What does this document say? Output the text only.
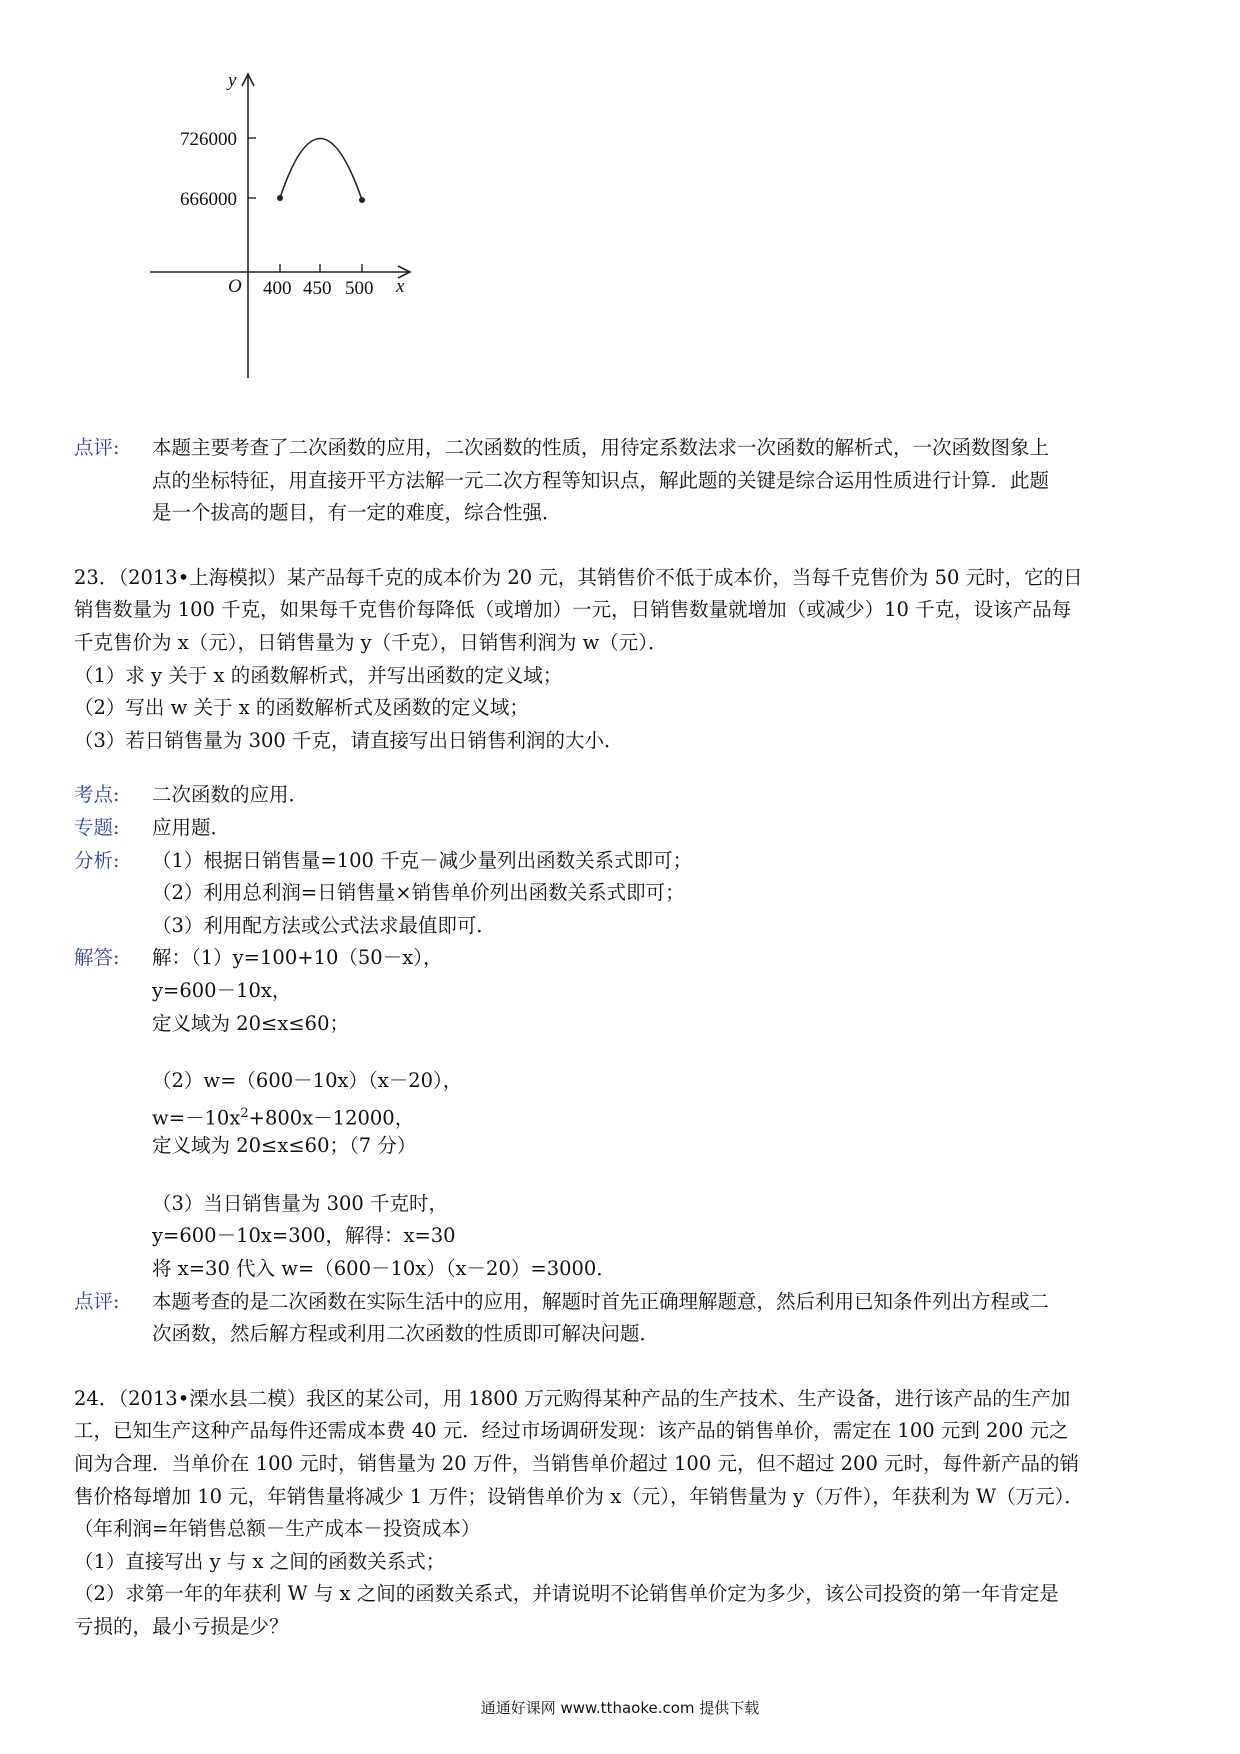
y
x
O
726000
666000
400 450 500
点评:	本题主要考查了二次函数的应用，二次函数的性质，用待定系数法求一次函数的解析式，一次函数图象上
点的坐标特征，用直接开平方法解一元二次方程等知识点，解此题的关键是综合运用性质进行计算．此题
是一个拔高的题目，有一定的难度，综合性强．
23．（2013•上海模拟）某产品每千克的成本价为 20 元，其销售价不低于成本价，当每千克售价为 50 元时，它的日
销售数量为 100 千克，如果每千克售价每降低（或增加）一元，日销售数量就增加（或减少）10 千克，设该产品每
千克售价为 x（元），日销售量为 y（千克），日销售利润为 w（元）．
（1）求 y 关于 x 的函数解析式，并写出函数的定义域；
（2）写出 w 关于 x 的函数解析式及函数的定义域；
（3）若日销售量为 300 千克，请直接写出日销售利润的大小．
考点:	二次函数的应用．
专题:	应用题．
分析:	（1）根据日销售量=100 千克－减少量列出函数关系式即可；
（2）利用总利润=日销售量×销售单价列出函数关系式即可；
（3）利用配方法或公式法求最值即可．
解答:	解：（1）y=100+10（50－x），
y=600－10x，
定义域为 20≤x≤60；
（2）w=（600－10x）（x－20），
$w=-10x^2+800x-12000$，
定义域为 20≤x≤60；（7 分）
（3）当日销售量为 300 千克时，
y=600－10x=300，解得：x=30
将 x=30 代入 w=（600－10x）（x－20）=3000．
点评:	本题考查的是二次函数在实际生活中的应用，解题时首先正确理解题意，然后利用已知条件列出方程或二
次函数，然后解方程或利用二次函数的性质即可解决问题．
24．（2013•溧水县二模）我区的某公司，用 1800 万元购得某种产品的生产技术、生产设备，进行该产品的生产加
工，已知生产这种产品每件还需成本费 40 元．经过市场调研发现：该产品的销售单价，需定在 100 元到 200 元之
间为合理．当单价在 100 元时，销售量为 20 万件，当销售单价超过 100 元，但不超过 200 元时，每件新产品的销
售价格每增加 10 元，年销售量将减少 1 万件；设销售单价为 x（元），年销售量为 y（万件），年获利为 W（万元）．
（年利润=年销售总额－生产成本－投资成本）
（1）直接写出 y 与 x 之间的函数关系式；
（2）求第一年的年获利 W 与 x 之间的函数关系式，并请说明不论销售单价定为多少，该公司投资的第一年肯定是
亏损的，最小亏损是少？
通通好课网 www.tthaoke.com 提供下载
